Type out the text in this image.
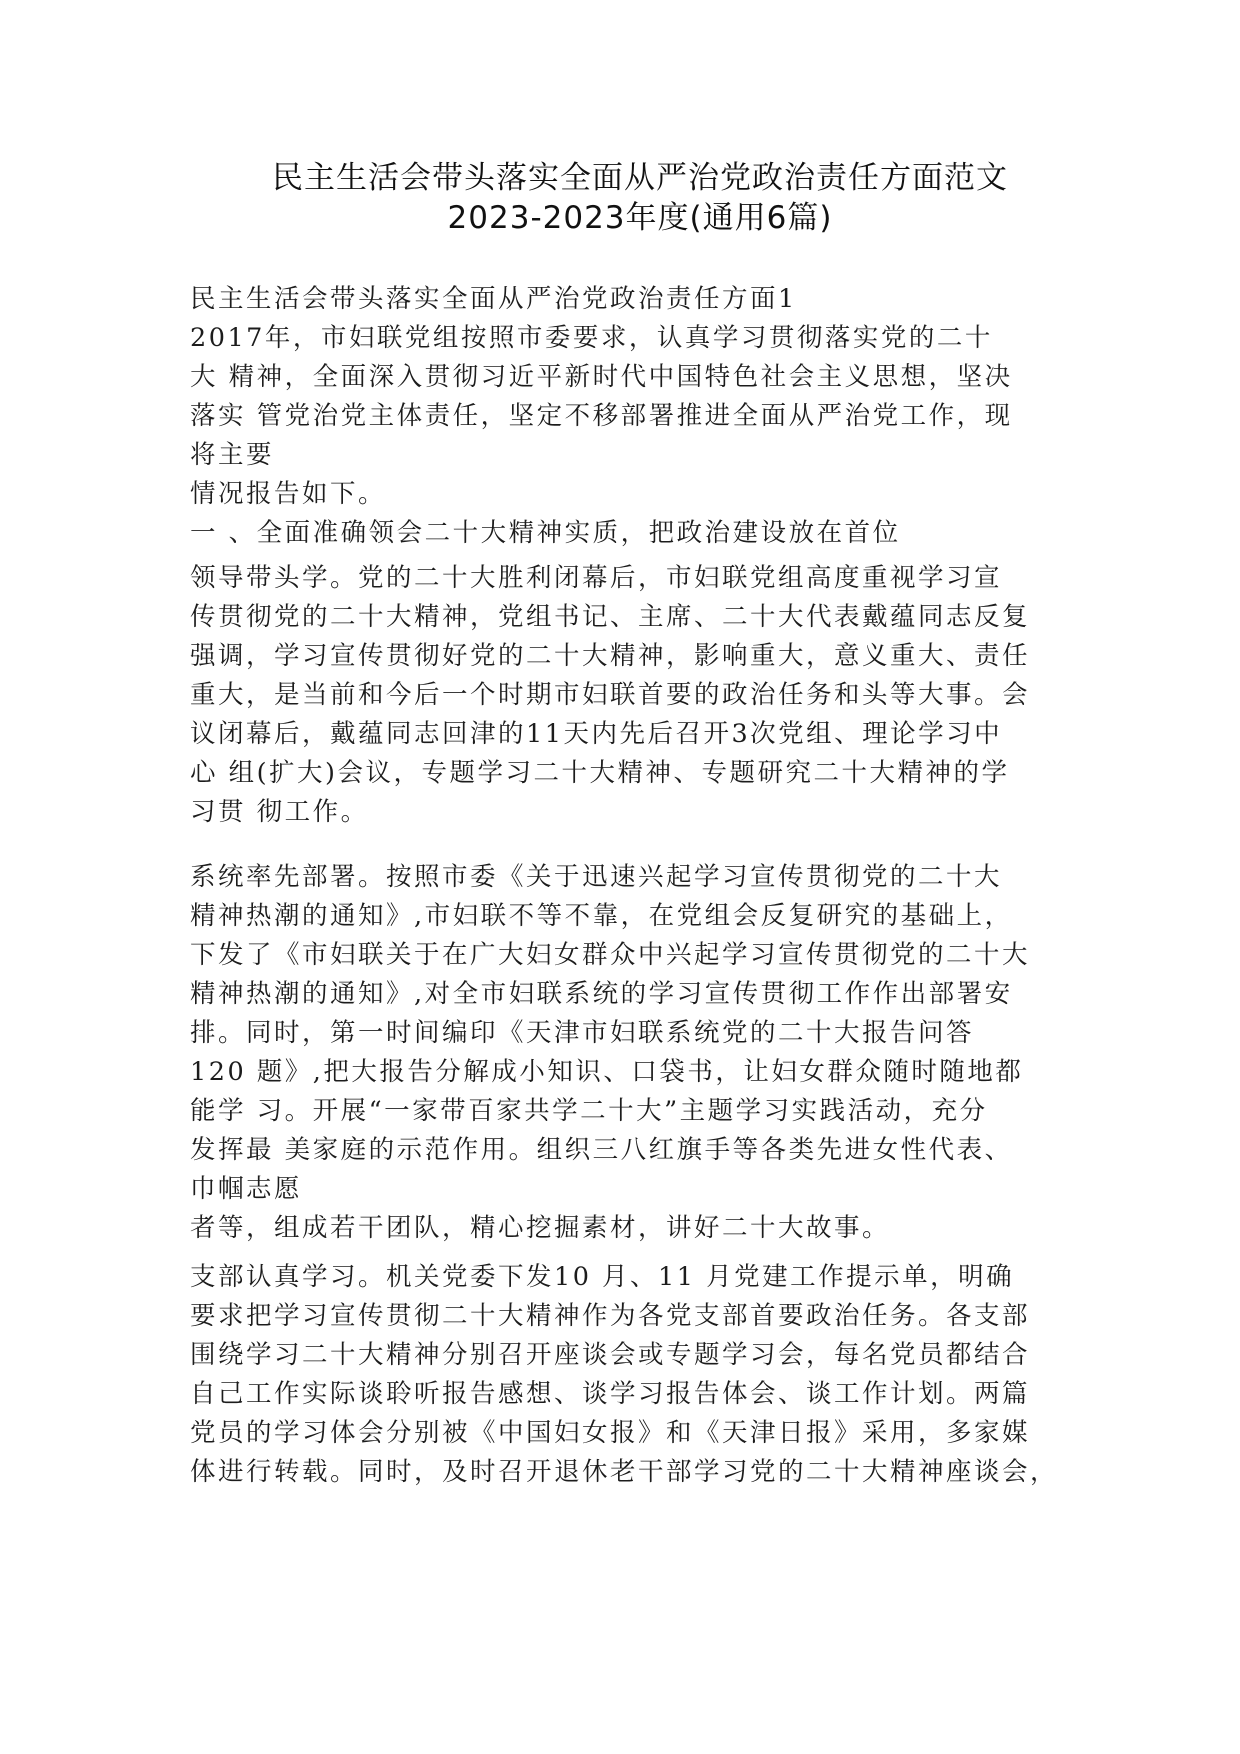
民主生活会带头落实全面从严治党政治责任方面范文
2023-2023年度(通用6篇)
民主生活会带头落实全面从严治党政治责任方面1
2017年，市妇联党组按照市委要求，认真学习贯彻落实党的二十
大 精神，全面深入贯彻习近平新时代中国特色社会主义思想，坚决
落实 管党治党主体责任，坚定不移部署推进全面从严治党工作，现
将主要
情况报告如下。
一 、全面准确领会二十大精神实质，把政治建设放在首位
领导带头学。党的二十大胜利闭幕后，市妇联党组高度重视学习宣
传贯彻党的二十大精神，党组书记、主席、二十大代表戴蕴同志反复
强调，学习宣传贯彻好党的二十大精神，影响重大，意义重大、责任
重大，是当前和今后一个时期市妇联首要的政治任务和头等大事。会
议闭幕后，戴蕴同志回津的11天内先后召开3次党组、理论学习中
心 组(扩大)会议，专题学习二十大精神、专题研究二十大精神的学
习贯 彻工作。
系统率先部署。按照市委《关于迅速兴起学习宣传贯彻党的二十大
精神热潮的通知》,市妇联不等不靠，在党组会反复研究的基础上，
下发了《市妇联关于在广大妇女群众中兴起学习宣传贯彻党的二十大
精神热潮的通知》,对全市妇联系统的学习宣传贯彻工作作出部署安
排。同时，第一时间编印《天津市妇联系统党的二十大报告问答
120 题》,把大报告分解成小知识、口袋书，让妇女群众随时随地都
能学 习。开展“一家带百家共学二十大”主题学习实践活动，充分
发挥最 美家庭的示范作用。组织三八红旗手等各类先进女性代表、
巾帼志愿
者等，组成若干团队，精心挖掘素材，讲好二十大故事。
支部认真学习。机关党委下发10 月、11 月党建工作提示单，明确
要求把学习宣传贯彻二十大精神作为各党支部首要政治任务。各支部
围绕学习二十大精神分别召开座谈会或专题学习会，每名党员都结合
自己工作实际谈聆听报告感想、谈学习报告体会、谈工作计划。两篇
党员的学习体会分别被《中国妇女报》和《天津日报》采用，多家媒
体进行转载。同时，及时召开退休老干部学习党的二十大精神座谈会，
